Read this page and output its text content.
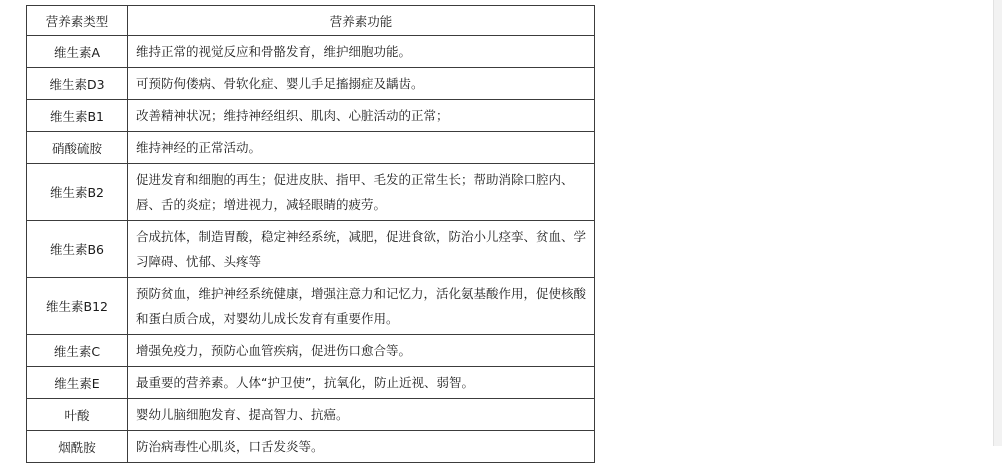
营养素类型	营养素功能
维生素A	维持正常的视觉反应和骨骼发育，维护细胞功能。
维生素D3	可预防佝偻病、骨软化症、婴儿手足搐搦症及龋齿。
维生素B1	改善精神状况；维持神经组织、肌肉、心脏活动的正常；
硝酸硫胺	维持神经的正常活动。
维生素B2	促进发育和细胞的再生；促进皮肤、指甲、毛发的正常生长；帮助消除口腔内、唇、舌的炎症；增进视力，减轻眼睛的疲劳。
维生素B6	合成抗体，制造胃酸，稳定神经系统，减肥，促进食欲，防治小儿痉挛、贫血、学习障碍、忧郁、头疼等
维生素B12	预防贫血，维护神经系统健康，增强注意力和记忆力，活化氨基酸作用，促使核酸和蛋白质合成，对婴幼儿成长发育有重要作用。
维生素C	增强免疫力，预防心血管疾病，促进伤口愈合等。
维生素E	最重要的营养素。人体“护卫使”，抗氧化，防止近视、弱智。
叶酸	婴幼儿脑细胞发育、提高智力、抗癌。
烟酰胺	防治病毒性心肌炎，口舌发炎等。
